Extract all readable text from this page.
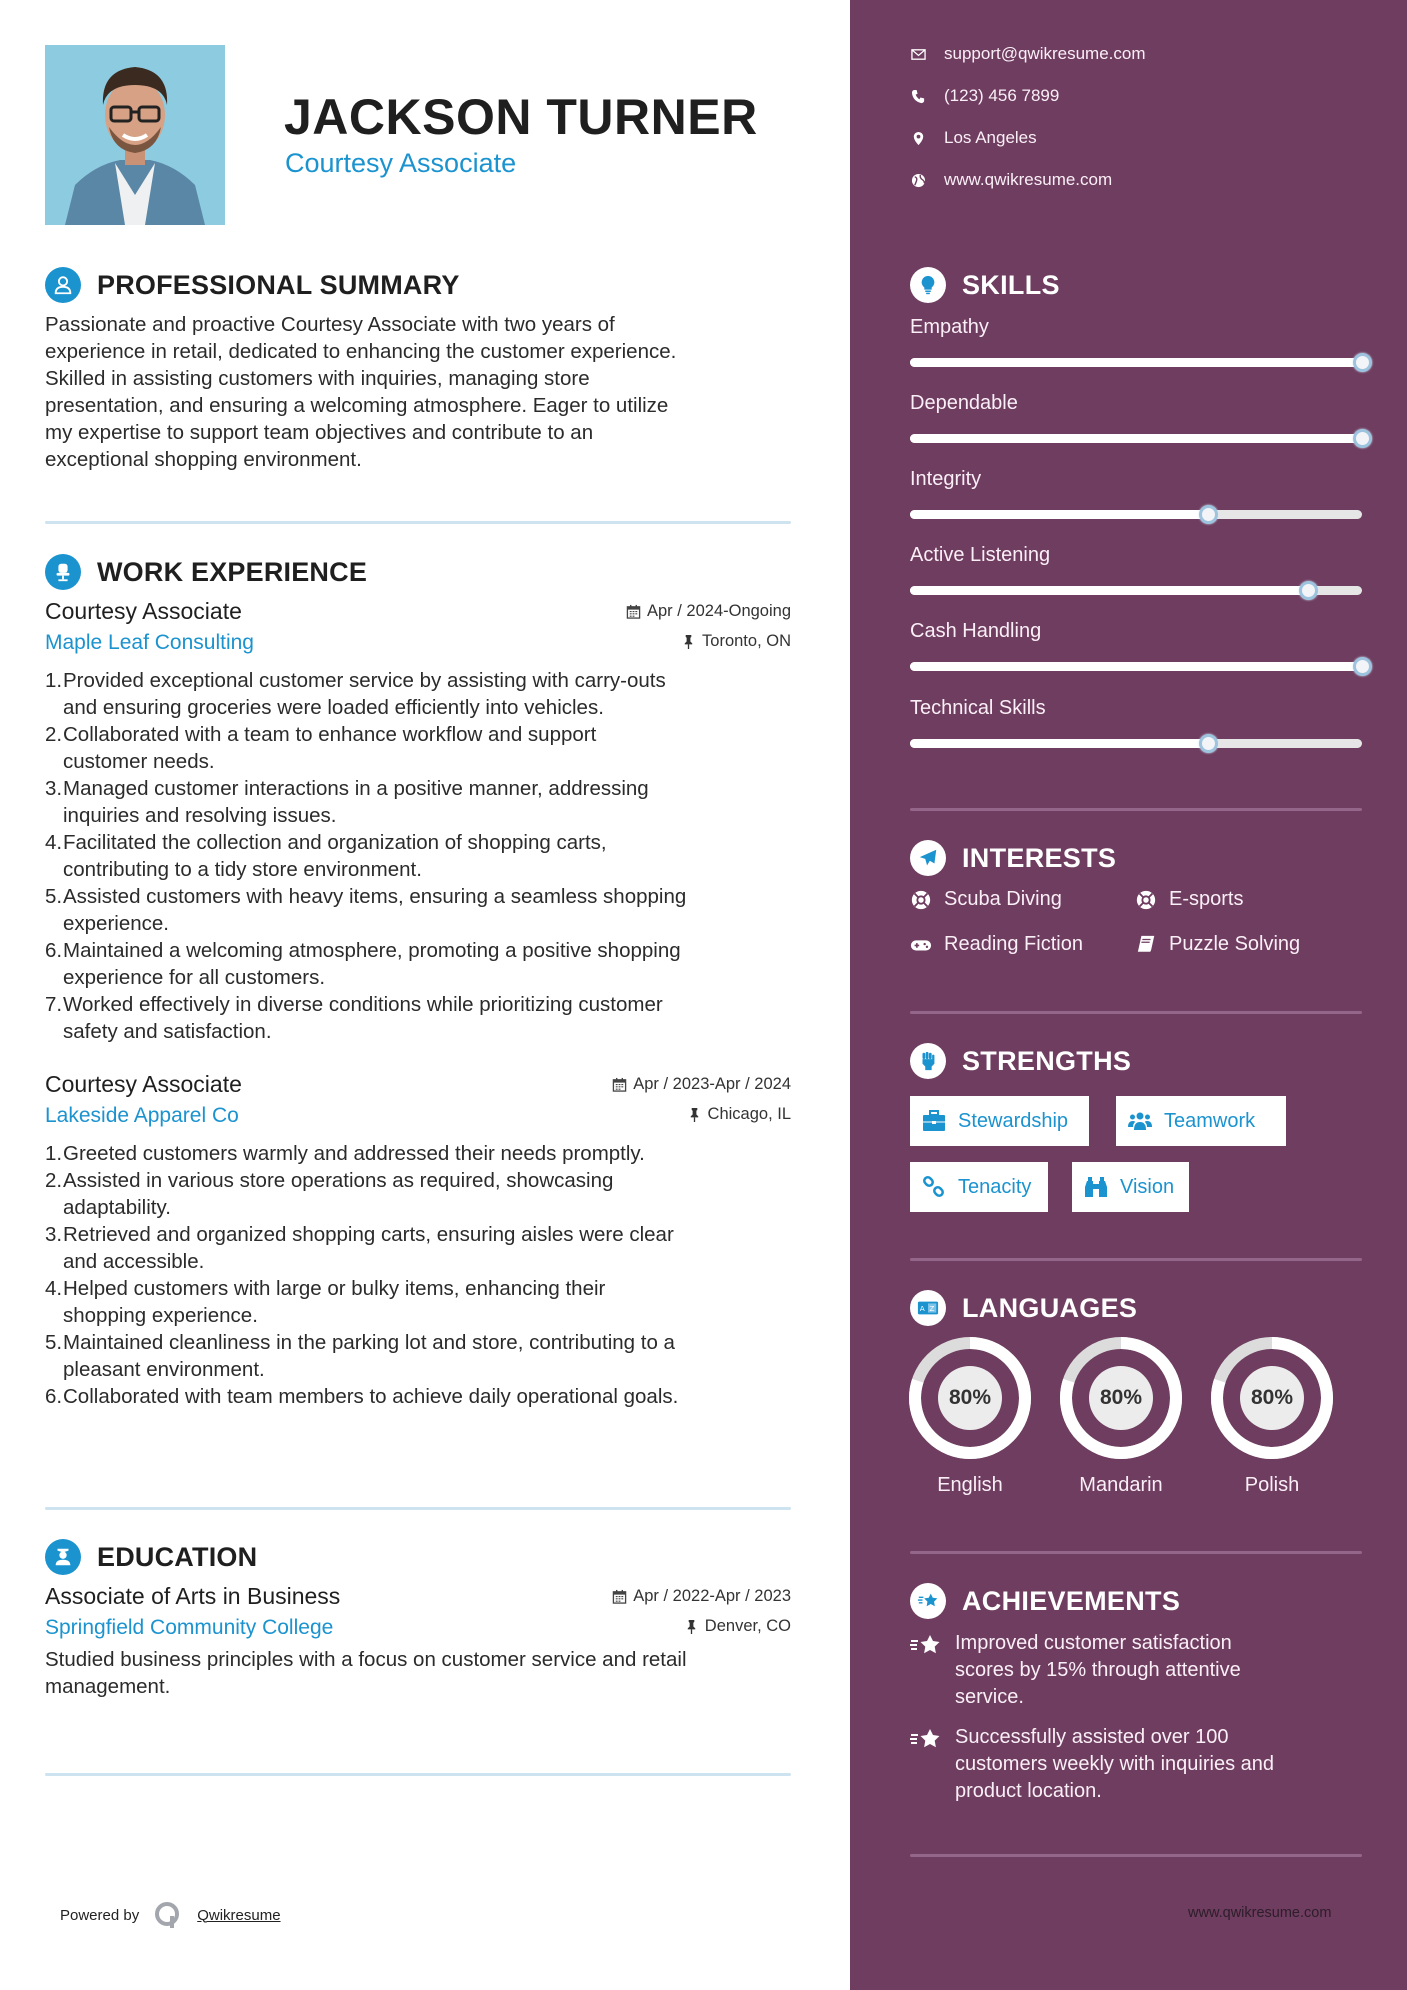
JACKSON TURNER
Courtesy Associate
PROFESSIONAL SUMMARY
Passionate and proactive Courtesy Associate with two years of
experience in retail, dedicated to enhancing the customer experience.
Skilled in assisting customers with inquiries, managing store
presentation, and ensuring a welcoming atmosphere. Eager to utilize
my expertise to support team objectives and contribute to an
exceptional shopping environment.
WORK EXPERIENCE
Courtesy Associate	Apr / 2024-Ongoing
Maple Leaf Consulting	Toronto, ON
1. Provided exceptional customer service by assisting with carry-outs
and ensuring groceries were loaded efficiently into vehicles.
2. Collaborated with a team to enhance workflow and support
customer needs.
3. Managed customer interactions in a positive manner, addressing
inquiries and resolving issues.
4. Facilitated the collection and organization of shopping carts,
contributing to a tidy store environment.
5. Assisted customers with heavy items, ensuring a seamless shopping
experience.
6. Maintained a welcoming atmosphere, promoting a positive shopping
experience for all customers.
7. Worked effectively in diverse conditions while prioritizing customer
safety and satisfaction.
Courtesy Associate	Apr / 2023-Apr / 2024
Lakeside Apparel Co	Chicago, IL
1. Greeted customers warmly and addressed their needs promptly.
2. Assisted in various store operations as required, showcasing
adaptability.
3. Retrieved and organized shopping carts, ensuring aisles were clear
and accessible.
4. Helped customers with large or bulky items, enhancing their
shopping experience.
5. Maintained cleanliness in the parking lot and store, contributing to a
pleasant environment.
6. Collaborated with team members to achieve daily operational goals.
EDUCATION
Associate of Arts in Business	Apr / 2022-Apr / 2023
Springfield Community College	Denver, CO
Studied business principles with a focus on customer service and retail
management.
Powered by	Qwikresume
support@qwikresume.com
(123) 456 7899
Los Angeles
www.qwikresume.com
SKILLS
Empathy
Dependable
Integrity
Active Listening
Cash Handling
Technical Skills
INTERESTS
Scuba Diving	E-sports
Reading Fiction	Puzzle Solving
STRENGTHS
Stewardship	Teamwork
Tenacity	Vision
A Z LANGUAGES
80%
English
80%
Mandarin
80%
Polish
ACHIEVEMENTS
Improved customer satisfaction
scores by 15% through attentive
service.
Successfully assisted over 100
customers weekly with inquiries and
product location.
www.qwikresume.com
